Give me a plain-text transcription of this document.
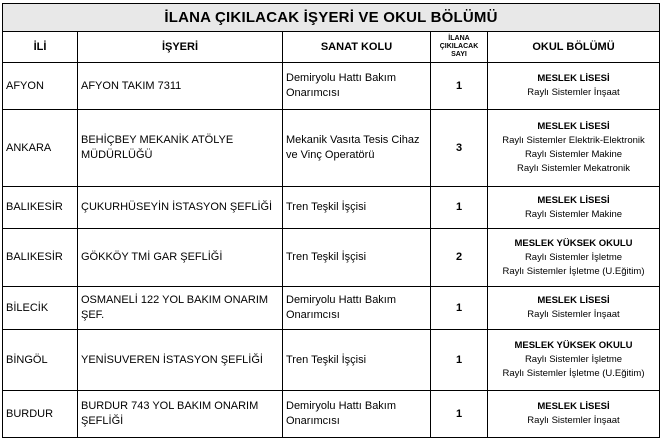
İLANA ÇIKILACAK İŞYERİ VE OKUL BÖLÜMÜ				
İLİ	İŞYERİ	SANAT KOLU	İLANA ÇIKILACAK SAYI	OKUL BÖLÜMÜ

AFYON	AFYON TAKIM 7311	Demiryolu Hattı Bakım Onarımcısı	1	MESLEK LİSESİ
Raylı Sistemler İnşaat

ANKARA	BEHİÇBEY MEKANİK ATÖLYE MÜDÜRLÜĞÜ	Mekanik Vasıta Tesis Cihaz ve Vinç Operatörü	3	MESLEK LİSESİ
Raylı Sistemler Elektrik-Elektronik
Raylı Sistemler Makine
Raylı Sistemler Mekatronik

BALIKESİR	ÇUKURHÜSEYİN İSTASYON ŞEFLİĞİ	Tren Teşkil İşçisi	1	MESLEK LİSESİ
Raylı Sistemler Makine

BALIKESİR	GÖKKÖY TMİ GAR ŞEFLİĞİ	Tren Teşkil İşçisi	2	MESLEK YÜKSEK OKULU
Raylı Sistemler İşletme
Raylı Sistemler İşletme (U.Eğitim)

BİLECİK	OSMANELİ 122 YOL BAKIM ONARIM ŞEF.	Demiryolu Hattı Bakım Onarımcısı	1	MESLEK LİSESİ
Raylı Sistemler İnşaat

BİNGÖL	YENİSUVEREN İSTASYON ŞEFLİĞİ	Tren Teşkil İşçisi	1	MESLEK YÜKSEK OKULU
Raylı Sistemler İşletme
Raylı Sistemler İşletme (U.Eğitim)

BURDUR	BURDUR 743 YOL BAKIM ONARIM ŞEFLİĞİ	Demiryolu Hattı Bakım Onarımcısı	1	MESLEK LİSESİ
Raylı Sistemler İnşaat
